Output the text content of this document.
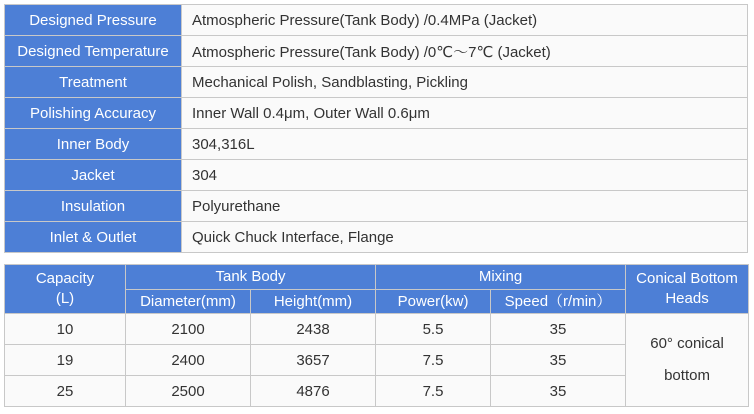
Designed Pressure	Atmospheric Pressure(Tank Body) /0.4MPa (Jacket)
Designed Temperature	Atmospheric Pressure(Tank Body) /0℃～7℃ (Jacket)
Treatment	Mechanical Polish, Sandblasting, Pickling
Polishing Accuracy	Inner Wall 0.4μm, Outer Wall 0.6μm
Inner Body	304,316L
Jacket	304
Insulation	Polyurethane
Inlet & Outlet	Quick Chuck Interface, Flange
Capacity
(L)	Tank Body		Mixing		Conical Bottom
Heads
	Diameter(mm)	Height(mm)	Power(kw)	Speed（r/min）	
10	2100	2438	5.5	35	60° conical
bottom
19	2400	3657	7.5	35	
25	2500	4876	7.5	35	
